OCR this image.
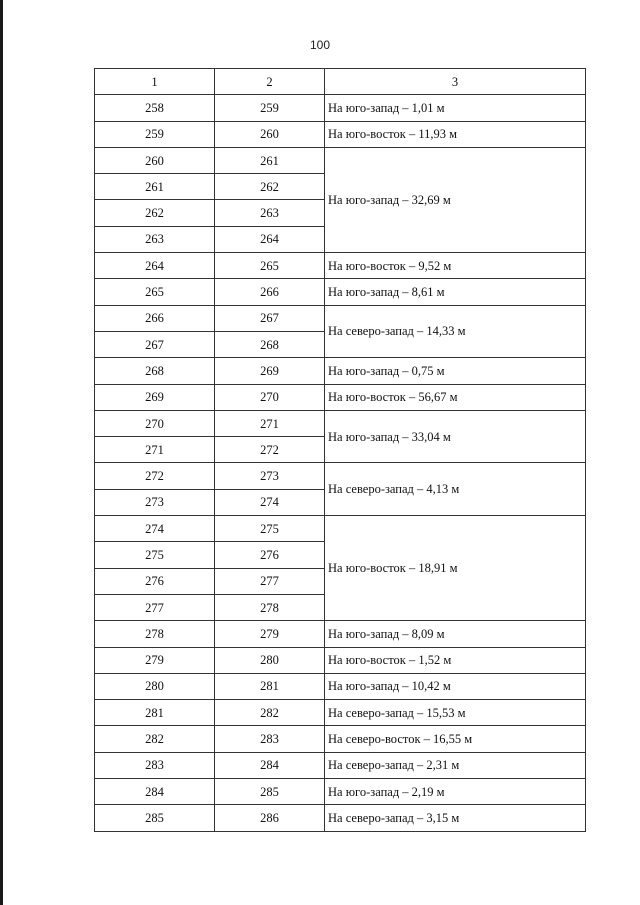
100
1	2	3
258	259	На юго-запад – 1,01 м
259	260	На юго-восток – 11,93 м
260	261	На юго-запад – 32,69 м
261	262	
262	263	
263	264	
264	265	На юго-восток – 9,52 м
265	266	На юго-запад – 8,61 м
266	267	На северо-запад – 14,33 м
267	268	
268	269	На юго-запад – 0,75 м
269	270	На юго-восток – 56,67 м
270	271	На юго-запад – 33,04 м
271	272	
272	273	На северо-запад – 4,13 м
273	274	
274	275	На юго-восток – 18,91 м
275	276	
276	277	
277	278	
278	279	На юго-запад – 8,09 м
279	280	На юго-восток – 1,52 м
280	281	На юго-запад – 10,42 м
281	282	На северо-запад – 15,53 м
282	283	На северо-восток – 16,55 м
283	284	На северо-запад – 2,31 м
284	285	На юго-запад – 2,19 м
285	286	На северо-запад – 3,15 м
